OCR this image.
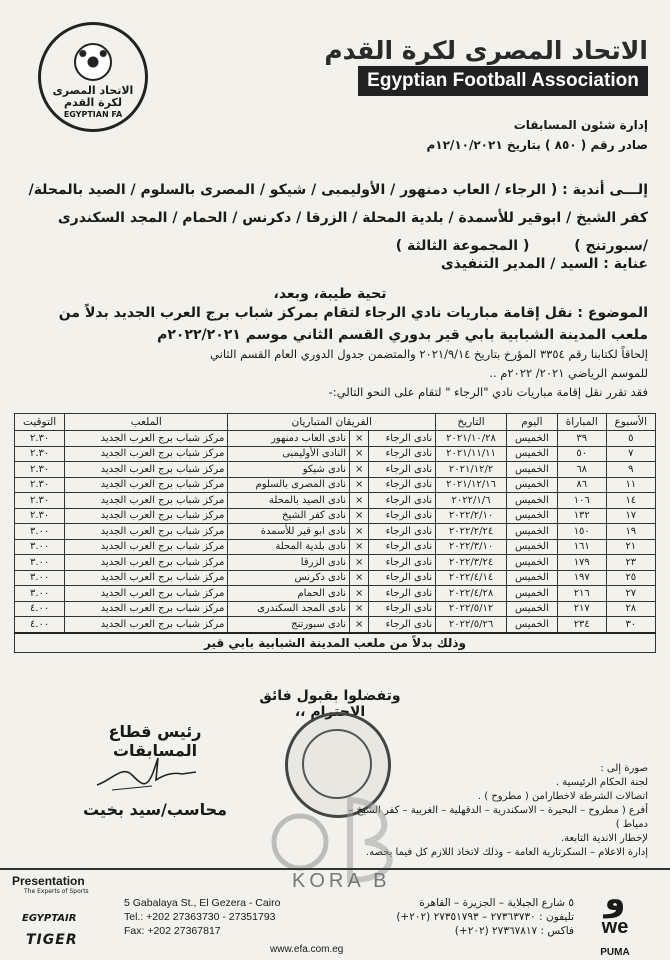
الاتحاد المصرى لكرة القدم
EGYPTIAN FA
الاتحاد المصرى لكرة القدم
Egyptian Football Association
إدارة شئون المسابقات
صادر رقم ( ٨٥٠ ) بتاريخ ١٢/١٠/٢٠٢١م
إلـــى أندية : ( الرجاء / العاب دمنهور / الأوليمبى / شيكو / المصرى بالسلوم / الصيد بالمحلة/
كفر الشيخ / ابوقير للأسمدة / بلدية المحلة / الزرقا / دكرنس / الحمام / المجد السكندرى
/سبورتنج ) ( المجموعة الثالثة )
عناية : السيد / المدير التنفيذى
تحية طيبة، وبعد،
الموضوع : نقل إقامة مباريات نادي الرجاء لتقام بمركز شباب برج العرب الجديد بدلاً من
ملعب المدينة الشبابية بابي قير بدوري القسم الثاني موسم ٢٠٢٢/٢٠٢١م
إلحاقاً لكتابنا رقم ٣٣٥٤ المؤرخ بتاريخ ٢٠٢١/٩/١٤ والمتضمن جدول الدوري العام القسم الثاني
للموسم الرياضي ٢٠٢١/ ٢٠٢٢م ..
فقد تقرر نقل إقامة مباريات نادي "الرجاء " لتقام على النحو التالي:-
الأسبوع	المباراة	اليوم	التاريخ	الفريقان المتباريان			الملعب	التوقيت
٥	٣٩	الخميس	٢٠٢١/١٠/٢٨	نادى الرجاء	×	نادى العاب دمنهور	مركز شباب برج العرب الجديد	٢.٣٠
٧	٥٠	الخميس	٢٠٢١/١١/١١	نادى الرجاء	×	النادى الأوليمبى	مركز شباب برج العرب الجديد	٢.٣٠
٩	٦٨	الخميس	٢٠٢١/١٢/٢	نادى الرجاء	×	نادى شيكو	مركز شباب برج العرب الجديد	٢.٣٠
١١	٨٦	الخميس	٢٠٢١/١٢/١٦	نادى الرجاء	×	نادى المصرى بالسلوم	مركز شباب برج العرب الجديد	٢.٣٠
١٤	١٠٦	الخميس	٢٠٢٢/١/٦	نادى الرجاء	×	نادى الصيد بالمحلة	مركز شباب برج العرب الجديد	٢.٣٠
١٧	١٣٢	الخميس	٢٠٢٢/٢/١٠	نادى الرجاء	×	نادى كفر الشيخ	مركز شباب برج العرب الجديد	٢.٣٠
١٩	١٥٠	الخميس	٢٠٢٢/٢/٢٤	نادى الرجاء	×	نادى ابو قير للأسمدة	مركز شباب برج العرب الجديد	٣.٠٠
٢١	١٦١	الخميس	٢٠٢٢/٣/١٠	نادى الرجاء	×	نادى بلدية المحلة	مركز شباب برج العرب الجديد	٣.٠٠
٢٣	١٧٩	الخميس	٢٠٢٢/٣/٢٤	نادى الرجاء	×	نادى الزرقا	مركز شباب برج العرب الجديد	٣.٠٠
٢٥	١٩٧	الخميس	٢٠٢٢/٤/١٤	نادى الرجاء	×	نادى دكرنس	مركز شباب برج العرب الجديد	٣.٠٠
٢٧	٢١٦	الخميس	٢٠٢٢/٤/٢٨	نادى الرجاء	×	نادى الحمام	مركز شباب برج العرب الجديد	٣.٠٠
٢٨	٢١٧	الخميس	٢٠٢٢/٥/١٢	نادى الرجاء	×	نادى المجد السكندرى	مركز شباب برج العرب الجديد	٤.٠٠
٣٠	٢٣٤	الخميس	٢٠٢٢/٥/٢٦	نادى الرجاء	×	نادى سبورتنج	مركز شباب برج العرب الجديد	٤.٠٠
وذلك بدلاً من ملعب المدينة الشبابية بابي قير								
وتفضلوا بقبول فائق الاحترام ،،
رئيس قطاع المسابقات
محاسب/سيد بخيت
صورة إلى :
لجنة الحكام الرئيسية .
اتصالات الشرطة لاخطارامن ( مطروح ) .
أفرع ( مطروح – البحيرة – الاسكندرية – الدقهلية – الغربية – كفر الشيخ – دمياط )
لإخطار الاندية التابعة.
إدارة الاعلام – السكرتارية العامة – وذلك لاتخاذ اللازم كل فيما يخصه.
KORA B
Presentation
The Experts of Sports
EGYPTAIR
TIGER
5 Gabalaya St., El Gezera - Cairo
Tel.: +202 27363730 - 27351793
Fax: +202 27367817
٥ شارع الجبلاية – الجزيرة – القاهرة
تليفون : ٢٧٣٦٣٧٣٠ – ٢٧٣٥١٧٩٣ (٢٠٢+)
فاكس : ٢٧٣٦٧٨١٧ (٢٠٢+)
www.efa.com.eg
ﻭ
we
PUMA
